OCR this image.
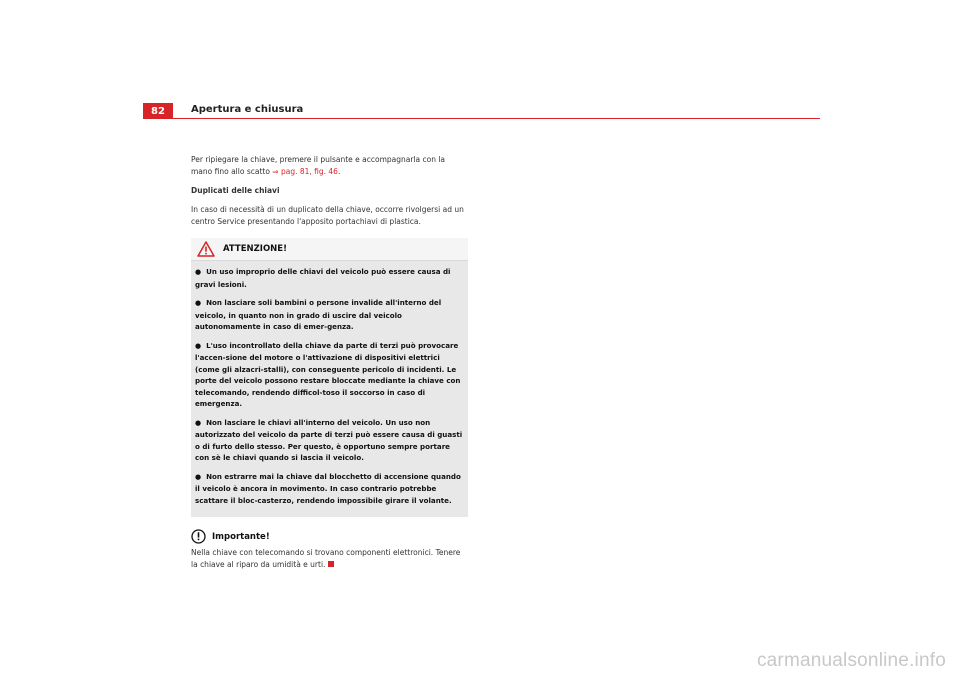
82	Apertura e chiusura

Per ripiegare la chiave, premere il pulsante e accompagnarla con la mano fino allo scatto ⇒ pag. 81, fig. 46.

Duplicati delle chiavi

In caso di necessità di un duplicato della chiave, occorre rivolgersi ad un centro Service presentando l'apposito portachiavi di plastica.

ATTENZIONE!

● Un uso improprio delle chiavi del veicolo può essere causa di gravi lesioni.

● Non lasciare soli bambini o persone invalide all'interno del veicolo, in quanto non in grado di uscire dal veicolo autonomamente in caso di emer-genza.

● L'uso incontrollato della chiave da parte di terzi può provocare l'accen-sione del motore o l'attivazione di dispositivi elettrici (come gli alzacri-stalli), con conseguente pericolo di incidenti. Le porte del veicolo possono restare bloccate mediante la chiave con telecomando, rendendo difficol-toso il soccorso in caso di emergenza.

● Non lasciare le chiavi all'interno del veicolo. Un uso non autorizzato del veicolo da parte di terzi può essere causa di guasti o di furto dello stesso. Per questo, è opportuno sempre portare con sè le chiavi quando si lascia il veicolo.

● Non estrarre mai la chiave dal blocchetto di accensione quando il veicolo è ancora in movimento. In caso contrario potrebbe scattare il bloc-casterzo, rendendo impossibile girare il volante.

Importante!
Nella chiave con telecomando si trovano componenti elettronici. Tenere la chiave al riparo da umidità e urti.
carmanualsonline.info
